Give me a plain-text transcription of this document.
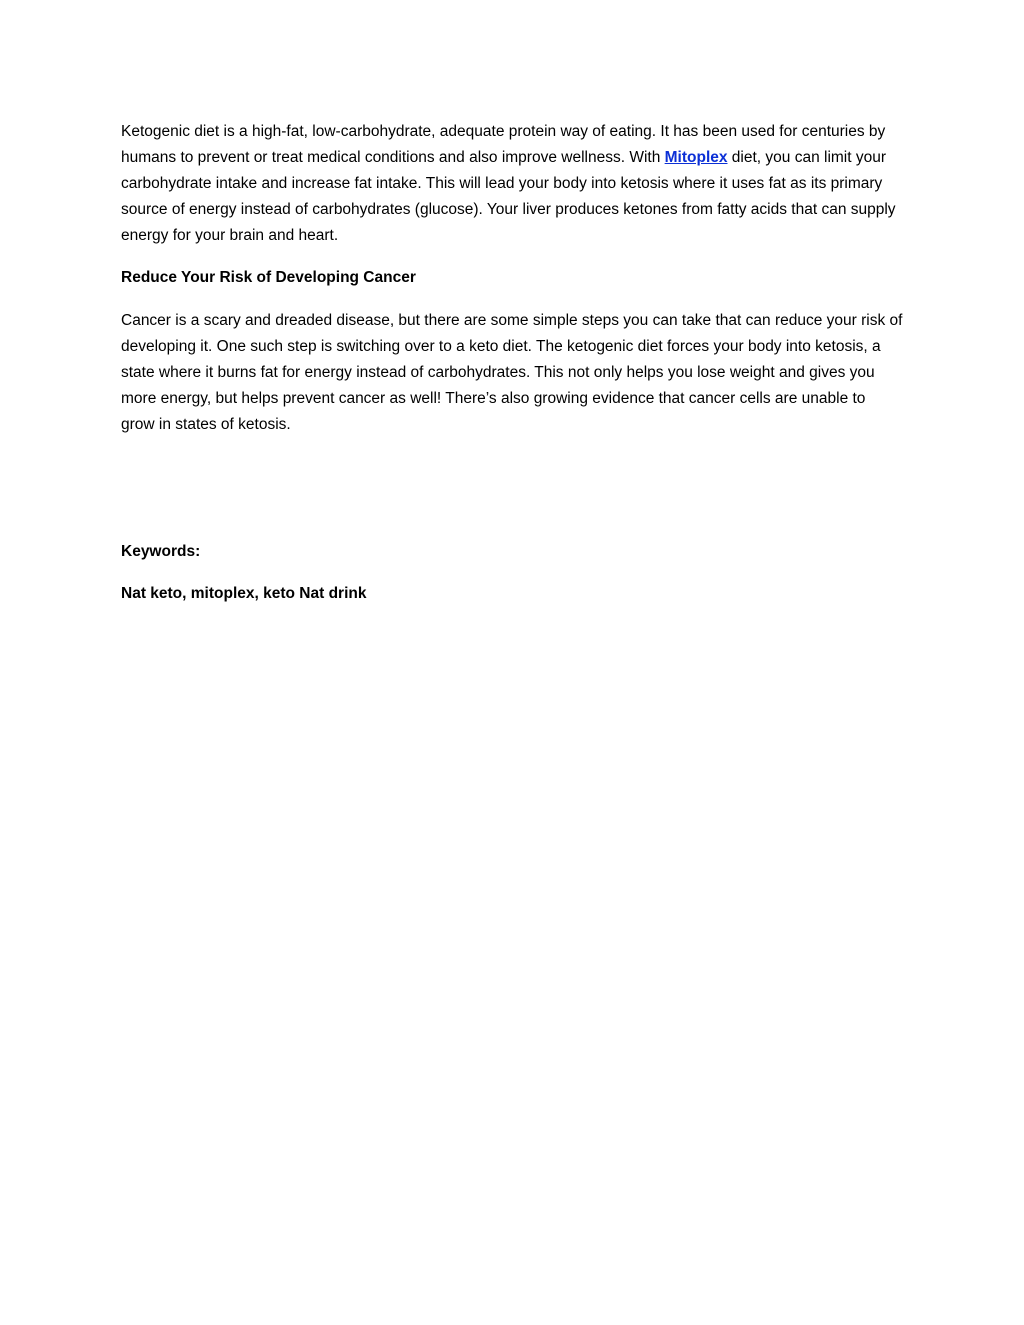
Ketogenic diet is a high-fat, low-carbohydrate, adequate protein way of eating. It has been used for centuries by humans to prevent or treat medical conditions and also improve wellness. With Mitoplex diet, you can limit your carbohydrate intake and increase fat intake. This will lead your body into ketosis where it uses fat as its primary source of energy instead of carbohydrates (glucose). Your liver produces ketones from fatty acids that can supply energy for your brain and heart.

Reduce Your Risk of Developing Cancer

Cancer is a scary and dreaded disease, but there are some simple steps you can take that can reduce your risk of developing it. One such step is switching over to a keto diet. The ketogenic diet forces your body into ketosis, a state where it burns fat for energy instead of carbohydrates. This not only helps you lose weight and gives you more energy, but helps prevent cancer as well! There’s also growing evidence that cancer cells are unable to grow in states of ketosis.

Keywords:

Nat keto, mitoplex, keto Nat drink
